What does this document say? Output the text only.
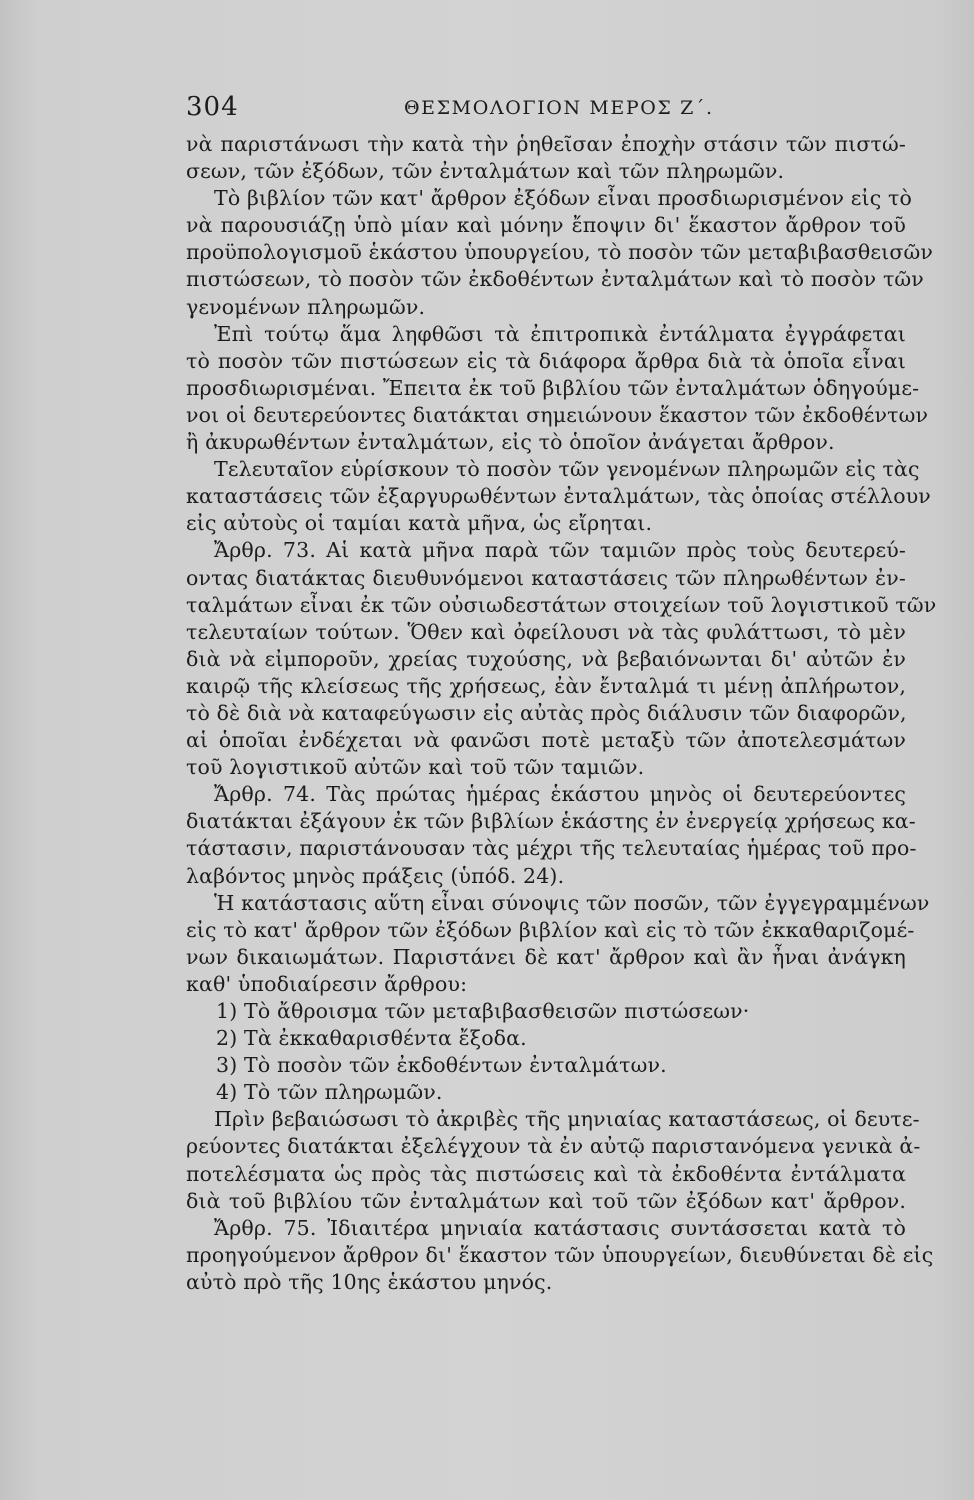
304	ΘΕΣΜΟΛΟΓΙΟΝ ΜΕΡΟΣ Ζ΄.
νὰ παριστάνωσι τὴν κατὰ τὴν ῥηθεῖσαν ἐποχὴν στάσιν τῶν πιστώ-
σεων, τῶν ἐξόδων, τῶν ἐνταλμάτων καὶ τῶν πληρωμῶν.
Τὸ βιβλίον τῶν κατ' ἄρθρον ἐξόδων εἶναι προσδιωρισμένον εἰς τὸ
νὰ παρουσιάζῃ ὑπὸ μίαν καὶ μόνην ἔποψιν δι' ἕκαστον ἄρθρον τοῦ
προϋπολογισμοῦ ἑκάστου ὑπουργείου, τὸ ποσὸν τῶν μεταβιβασθεισῶν
πιστώσεων, τὸ ποσὸν τῶν ἐκδοθέντων ἐνταλμάτων καὶ τὸ ποσὸν τῶν
γενομένων πληρωμῶν.
Ἐπὶ τούτῳ ἅμα ληφθῶσι τὰ ἐπιτροπικὰ ἐντάλματα ἐγγράφεται
τὸ ποσὸν τῶν πιστώσεων εἰς τὰ διάφορα ἄρθρα διὰ τὰ ὁποῖα εἶναι
προσδιωρισμέναι. Ἔπειτα ἐκ τοῦ βιβλίου τῶν ἐνταλμάτων ὁδηγούμε-
νοι οἱ δευτερεύοντες διατάκται σημειώνουν ἕκαστον τῶν ἐκδοθέντων
ἢ ἀκυρωθέντων ἐνταλμάτων, εἰς τὸ ὁποῖον ἀνάγεται ἄρθρον.
Τελευταῖον εὑρίσκουν τὸ ποσὸν τῶν γενομένων πληρωμῶν εἰς τὰς
καταστάσεις τῶν ἐξαργυρωθέντων ἐνταλμάτων, τὰς ὁποίας στέλλουν
εἰς αὐτοὺς οἱ ταμίαι κατὰ μῆνα, ὡς εἴρηται.
Ἄρθρ. 73. Αἱ κατὰ μῆνα παρὰ τῶν ταμιῶν πρὸς τοὺς δευτερεύ-
οντας διατάκτας διευθυνόμενοι καταστάσεις τῶν πληρωθέντων ἐν-
ταλμάτων εἶναι ἐκ τῶν οὐσιωδεστάτων στοιχείων τοῦ λογιστικοῦ τῶν
τελευταίων τούτων. Ὅθεν καὶ ὀφείλουσι νὰ τὰς φυλάττωσι, τὸ μὲν
διὰ νὰ εἰμποροῦν, χρείας τυχούσης, νὰ βεβαιόνωνται δι' αὐτῶν ἐν
καιρῷ τῆς κλείσεως τῆς χρήσεως, ἐὰν ἔνταλμά τι μένῃ ἀπλήρωτον,
τὸ δὲ διὰ νὰ καταφεύγωσιν εἰς αὐτὰς πρὸς διάλυσιν τῶν διαφορῶν,
αἱ ὁποῖαι ἐνδέχεται νὰ φανῶσι ποτὲ μεταξὺ τῶν ἀποτελεσμάτων
τοῦ λογιστικοῦ αὐτῶν καὶ τοῦ τῶν ταμιῶν.
Ἄρθρ. 74. Τὰς πρώτας ἡμέρας ἑκάστου μηνὸς οἱ δευτερεύοντες
διατάκται ἐξάγουν ἐκ τῶν βιβλίων ἑκάστης ἐν ἐνεργείᾳ χρήσεως κα-
τάστασιν, παριστάνουσαν τὰς μέχρι τῆς τελευταίας ἡμέρας τοῦ προ-
λαβόντος μηνὸς πράξεις (ὑπόδ. 24).
Ἡ κατάστασις αὕτη εἶναι σύνοψις τῶν ποσῶν, τῶν ἐγγεγραμμένων
εἰς τὸ κατ' ἄρθρον τῶν ἐξόδων βιβλίον καὶ εἰς τὸ τῶν ἐκκαθαριζομέ-
νων δικαιωμάτων. Παριστάνει δὲ κατ' ἄρθρον καὶ ἂν ἦναι ἀνάγκη
καθ' ὑποδιαίρεσιν ἄρθρου:
1) Τὸ ἄθροισμα τῶν μεταβιβασθεισῶν πιστώσεων·
2) Τὰ ἐκκαθαρισθέντα ἔξοδα.
3) Τὸ ποσὸν τῶν ἐκδοθέντων ἐνταλμάτων.
4) Τὸ τῶν πληρωμῶν.
Πρὶν βεβαιώσωσι τὸ ἀκριβὲς τῆς μηνιαίας καταστάσεως, οἱ δευτε-
ρεύοντες διατάκται ἐξελέγχουν τὰ ἐν αὐτῷ παριστανόμενα γενικὰ ἀ-
ποτελέσματα ὡς πρὸς τὰς πιστώσεις καὶ τὰ ἐκδοθέντα ἐντάλματα
διὰ τοῦ βιβλίου τῶν ἐνταλμάτων καὶ τοῦ τῶν ἐξόδων κατ' ἄρθρον.
Ἄρθρ. 75. Ἰδιαιτέρα μηνιαία κατάστασις συντάσσεται κατὰ τὸ
προηγούμενον ἄρθρον δι' ἕκαστον τῶν ὑπουργείων, διευθύνεται δὲ εἰς
αὐτὸ πρὸ τῆς 10ης ἑκάστου μηνός.
